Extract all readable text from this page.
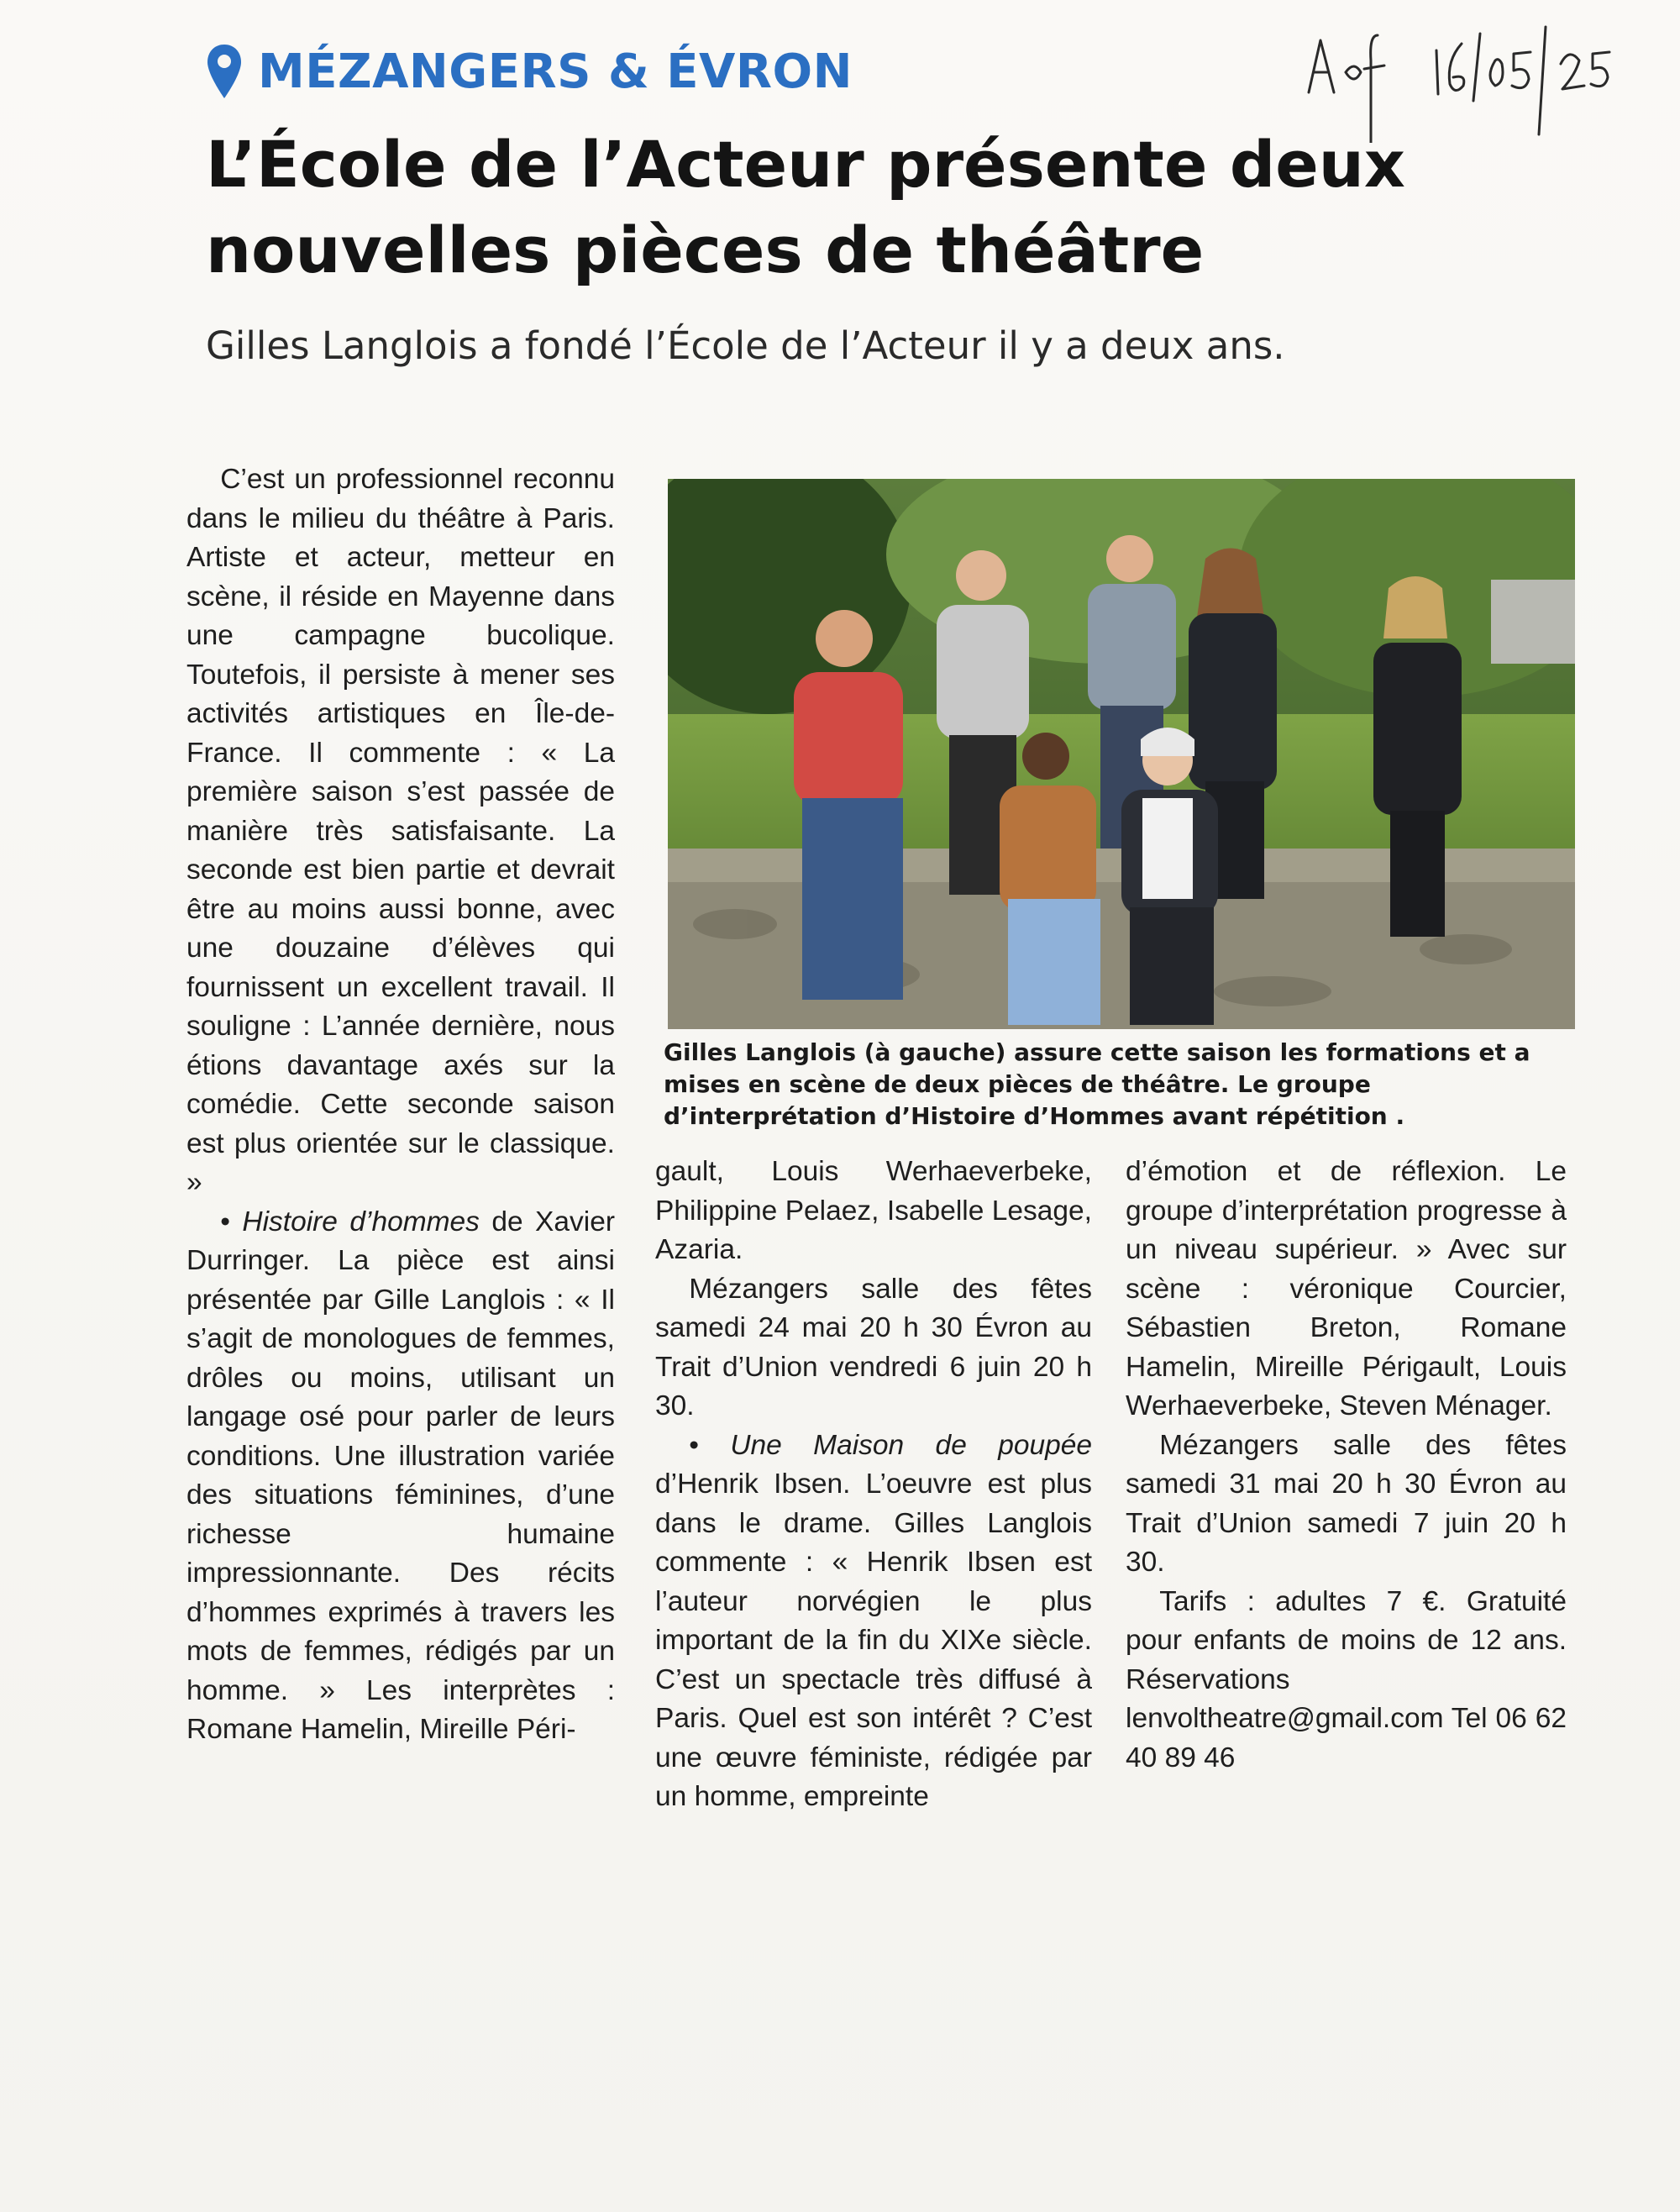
MÉZANGERS & ÉVRON
L’École de l’Acteur présente deux nouvelles pièces de théâtre

Gilles Langlois a fondé l’École de l’Acteur il y a deux ans.

C’est un professionnel reconnu dans le milieu du théâtre à Paris. Artiste et acteur, metteur en scène, il réside en Mayenne dans une campagne bucolique. Toutefois, il persiste à mener ses activités artistiques en Île-de-France. Il commente : « La première saison s’est passée de manière très satisfaisante. La seconde est bien partie et devrait être au moins aussi bonne, avec une douzaine d’élèves qui fournissent un excellent travail. Il souligne : L’année dernière, nous étions davantage axés sur la comédie. Cette seconde saison est plus orientée sur le classique. »

• Histoire d’hommes de Xavier Durringer. La pièce est ainsi présentée par Gille Langlois : « Il s’agit de monologues de femmes, drôles ou moins, utilisant un langage osé pour parler de leurs conditions. Une illustration variée des situations féminines, d’une richesse humaine impressionnante. Des récits d’hommes exprimés à travers les mots de femmes, rédigés par un homme. » Les interprètes : Romane Hamelin, Mireille Péri-

Gilles Langlois (à gauche) assure cette saison les formations et a mises en scène de deux pièces de théâtre. Le groupe d’interprétation d’Histoire d’Hommes avant répétition .

gault, Louis Werhaeverbeke, Philippine Pelaez, Isabelle Lesage, Azaria.

Mézangers salle des fêtes samedi 24 mai 20 h 30 Évron au Trait d’Union vendredi 6 juin 20 h 30.

• Une Maison de poupée d’Henrik Ibsen. L’oeuvre est plus dans le drame. Gilles Langlois commente : « Henrik Ibsen est l’auteur norvégien le plus important de la fin du XIXe siècle. C’est un spectacle très diffusé à Paris. Quel est son intérêt ? C’est une œuvre féministe, rédigée par un homme, empreinte

d’émotion et de réflexion. Le groupe d’interprétation progresse à un niveau supérieur. » Avec sur scène : véronique Courcier, Sébastien Breton, Romane Hamelin, Mireille Périgault, Louis Werhaeverbeke, Steven Ménager.

Mézangers salle des fêtes samedi 31 mai 20 h 30 Évron au Trait d’Union samedi 7 juin 20 h 30.

Tarifs : adultes 7 €. Gratuité pour enfants de moins de 12 ans. Réservations lenvoltheatre@gmail.com Tel 06 62 40 89 46
